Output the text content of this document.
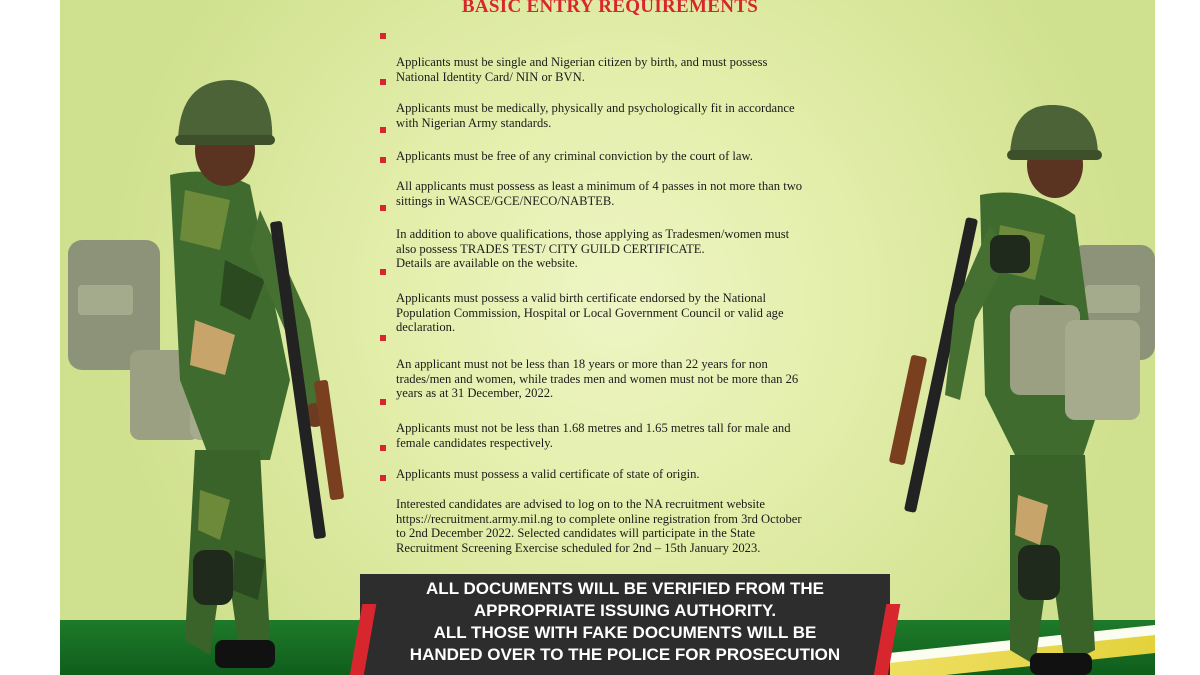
BASIC ENTRY REQUIREMENTS

Applicants must be single and Nigerian citizen by birth, and must possess
National Identity Card/ NIN or BVN.

Applicants must be medically, physically and psychologically fit in accordance
with Nigerian Army standards.

Applicants must be free of any criminal conviction by the court of law.

All applicants must possess as least a minimum of 4 passes in not more than two
sittings in WASCE/GCE/NECO/NABTEB.

In addition to above qualifications, those applying as Tradesmen/women must
also possess TRADES TEST/ CITY GUILD CERTIFICATE.
Details are available on the website.

Applicants must possess a valid birth certificate endorsed by the National
Population Commission, Hospital or Local Government Council or valid age
declaration.

An applicant must not be less than 18 years or more than 22 years for non
trades/men and women, while trades men and women must not be more than 26
years as at 31 December, 2022.

Applicants must not be less than 1.68 metres and 1.65 metres tall for male and
female candidates respectively.

Applicants must possess a valid certificate of state of origin.

Interested candidates are advised to log on to the NA recruitment website
https://recruitment.army.mil.ng to complete online registration from 3rd October
to 2nd December 2022. Selected candidates will participate in the State
Recruitment Screening Exercise scheduled for 2nd – 15th January 2023.

ALL DOCUMENTS WILL BE VERIFIED FROM THE
APPROPRIATE ISSUING AUTHORITY.
ALL THOSE WITH FAKE DOCUMENTS WILL BE
HANDED OVER TO THE POLICE FOR PROSECUTION
